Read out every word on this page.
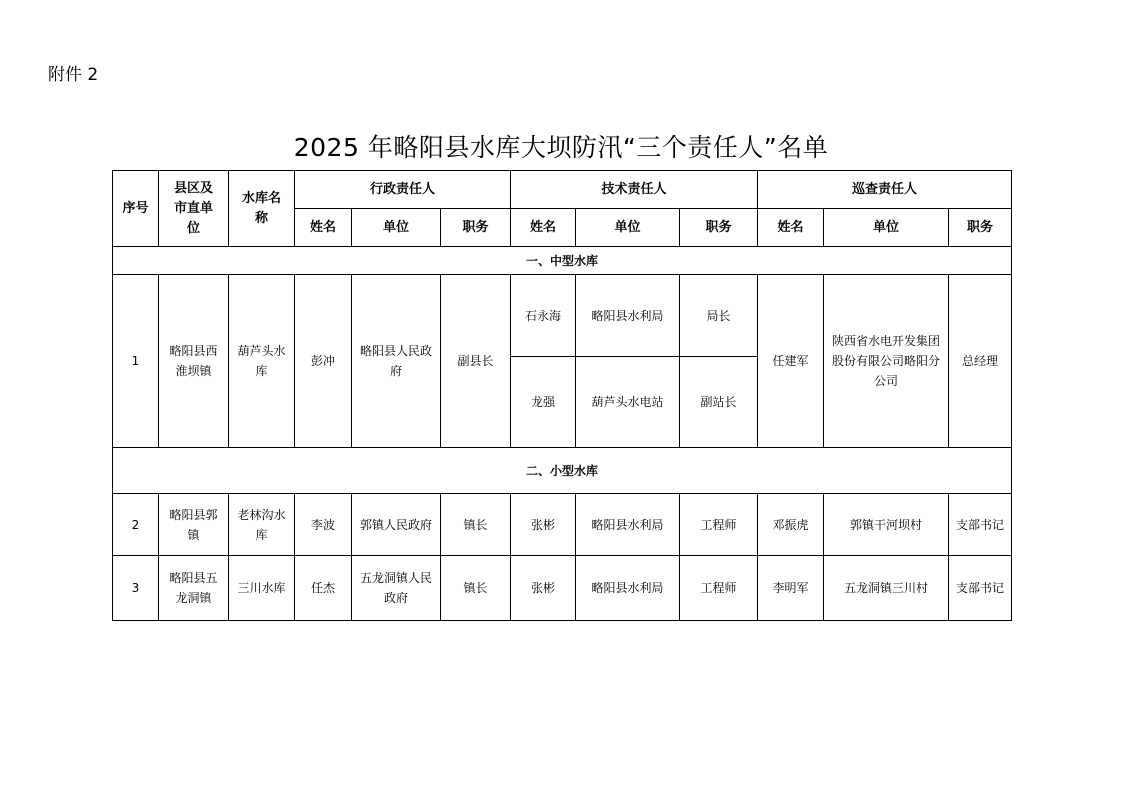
附件 2
2025 年略阳县水库大坝防汛“三个责任人”名单
序号	县区及市直单位	水库名称	行政责任人			技术责任人			巡查责任人		
			姓名	单位	职务	姓名	单位	职务	姓名	单位	职务
一、中型水库											
1	略阳县西淮坝镇	葫芦头水库	彭冲	略阳县人民政府	副县长	石永海	略阳县水利局	局长	任建军	陕西省水电开发集团股份有限公司略阳分公司	总经理
						龙强	葫芦头水电站	副站长			
二、小型水库											
2	略阳县郭镇	老林沟水库	李波	郭镇人民政府	镇长	张彬	略阳县水利局	工程师	邓振虎	郭镇干河坝村	支部书记
3	略阳县五龙洞镇	三川水库	任杰	五龙洞镇人民政府	镇长	张彬	略阳县水利局	工程师	李明军	五龙洞镇三川村	支部书记
